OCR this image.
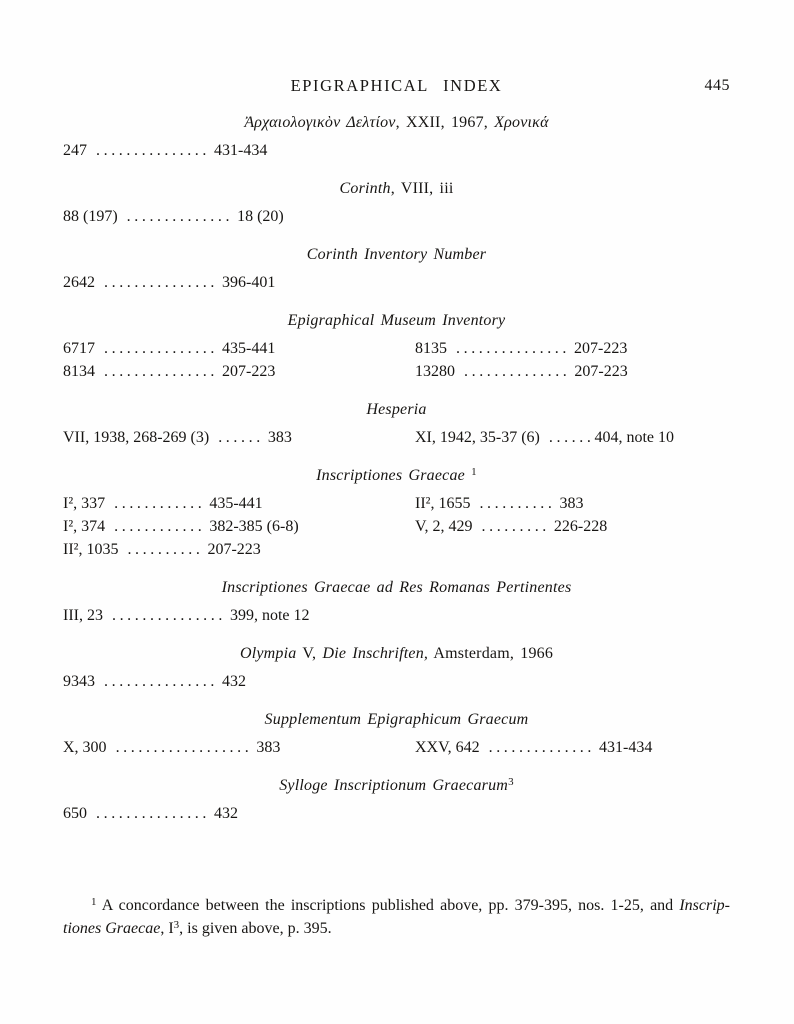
EPIGRAPHICAL INDEX	445
Ἀρχαιολογικὸν Δελτίον, XXII, 1967, Χρονικά
247 ............... 431-434
Corinth, VIII, iii
88 (197) .............. 18 (20)
Corinth Inventory Number
2642 ............... 396-401
Epigraphical Museum Inventory
6717 ............... 435-441	8135 ............... 207-223
8134 ............... 207-223	13280 .............. 207-223
Hesperia
VII, 1938, 268-269 (3) ...... 383	XI, 1942, 35-37 (6) ......404, note 10
Inscriptiones Graecae $^1$
I², 337 ............ 435-441	II², 1655 .......... 383
I², 374 ............ 382-385 (6-8)	V, 2, 429 ......... 226-228
II², 1035 .......... 207-223
Inscriptiones Graecae ad Res Romanas Pertinentes
III, 23 ............... 399, note 12
Olympia V, Die Inschriften, Amsterdam, 1966
9343 ............... 432
Supplementum Epigraphicum Graecum
X, 300 .................. 383	XXV, 642 .............. 431-434
Sylloge Inscriptionum Graecarum$^3$
650 ............... 432
$^1$ A concordance between the inscriptions published above, pp. 379-395, nos. 1-25, and Inscrip-
tiones Graecae, $I^3$, is given above, p. 395.
